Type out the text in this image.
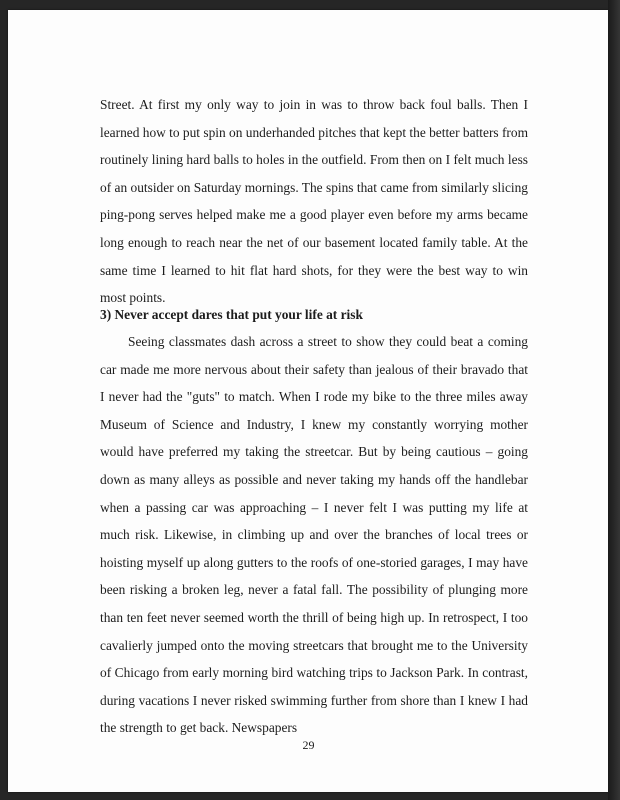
Street. At first my only way to join in was to throw back foul balls. Then I learned how to put spin on underhanded pitches that kept the better batters from routinely lining hard balls to holes in the outfield. From then on I felt much less of an outsider on Saturday mornings. The spins that came from similarly slicing ping-pong serves helped make me a good player even before my arms became long enough to reach near the net of our basement located family table. At the same time I learned to hit flat hard shots, for they were the best way to win most points.

3) Never accept dares that put your life at risk

Seeing classmates dash across a street to show they could beat a coming car made me more nervous about their safety than jealous of their bravado that I never had the "guts" to match. When I rode my bike to the three miles away Museum of Science and Industry, I knew my constantly worrying mother would have preferred my taking the streetcar. But by being cautious – going down as many alleys as possible and never taking my hands off the handlebar when a passing car was approaching – I never felt I was putting my life at much risk. Likewise, in climbing up and over the branches of local trees or hoisting myself up along gutters to the roofs of one-storied garages, I may have been risking a broken leg, never a fatal fall. The possibility of plunging more than ten feet never seemed worth the thrill of being high up. In retrospect, I too cavalierly jumped onto the moving streetcars that brought me to the University of Chicago from early morning bird watching trips to Jackson Park. In contrast, during vacations I never risked swimming further from shore than I knew I had the strength to get back. Newspapers

29
